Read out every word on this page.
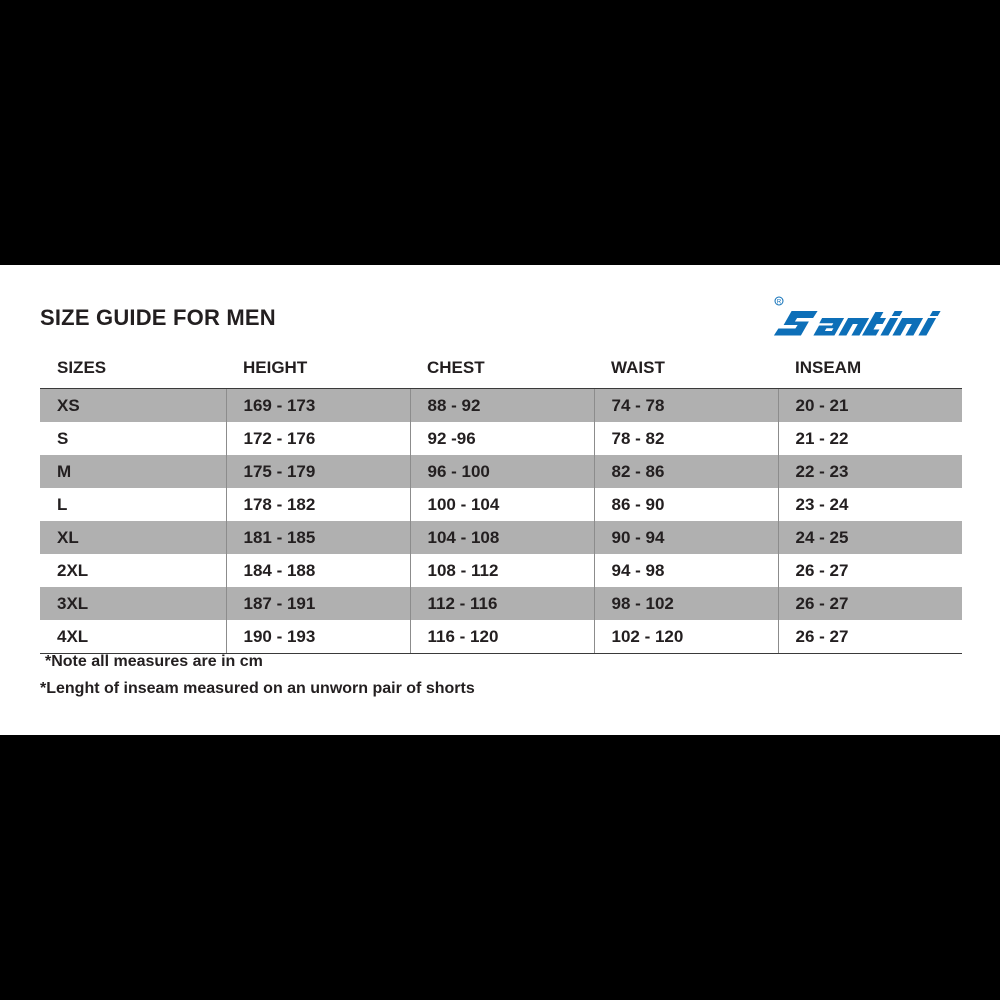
SIZE GUIDE FOR MEN
R
SIZES	HEIGHT	CHEST	WAIST	INSEAM
XS	169 - 173	88 - 92	74 - 78	20 - 21
S	172 - 176	92 -96	78 - 82	21 - 22
M	175 - 179	96 - 100	82 - 86	22 - 23
L	178 - 182	100 - 104	86 - 90	23 - 24
XL	181 - 185	104 - 108	90 - 94	24 - 25
2XL	184 - 188	108 - 112	94 - 98	26 - 27
3XL	187 - 191	112 - 116	98 - 102	26 - 27
4XL	190 - 193	116 - 120	102 - 120	26 - 27

*Note all measures are in cm

*Lenght of inseam measured on an unworn pair of shorts
